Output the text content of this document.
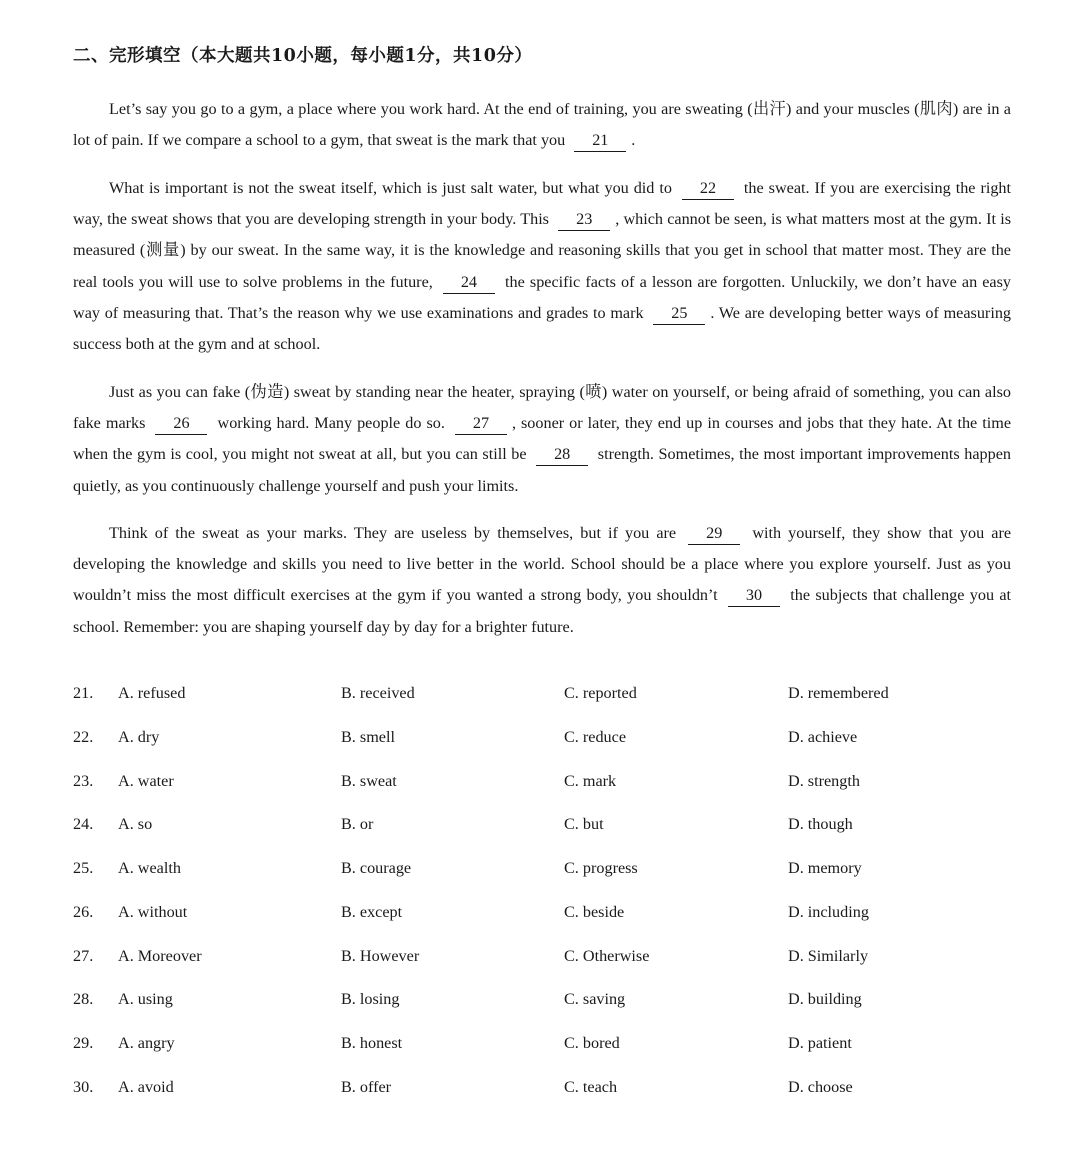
二、完形填空（本大题共10小题，每小题1分，共10分）

Let’s say you go to a gym, a place where you work hard. At the end of training, you are sweating (出汗) and your muscles (肌肉) are in a lot of pain. If we compare a school to a gym, that sweat is the mark that you 21 .

What is important is not the sweat itself, which is just salt water, but what you did to 22 the sweat. If you are exercising the right way, the sweat shows that you are developing strength in your body. This 23 , which cannot be seen, is what matters most at the gym. It is measured (测量) by our sweat. In the same way, it is the knowledge and reasoning skills that you get in school that matter most. They are the real tools you will use to solve problems in the future, 24 the specific facts of a lesson are forgotten. Unluckily, we don’t have an easy way of measuring that. That’s the reason why we use examinations and grades to mark 25 . We are developing better ways of measuring success both at the gym and at school.

Just as you can fake (伪造) sweat by standing near the heater, spraying (喷) water on yourself, or being afraid of something, you can also fake marks 26 working hard. Many people do so. 27 , sooner or later, they end up in courses and jobs that they hate. At the time when the gym is cool, you might not sweat at all, but you can still be 28 strength. Sometimes, the most important improvements happen quietly, as you continuously challenge yourself and push your limits.

Think of the sweat as your marks. They are useless by themselves, but if you are 29 with yourself, they show that you are developing the knowledge and skills you need to live better in the world. School should be a place where you explore yourself. Just as you wouldn’t miss the most difficult exercises at the gym if you wanted a strong body, you shouldn’t 30 the subjects that challenge you at school. Remember: you are shaping yourself day by day for a brighter future.

21. A. refused	B. received	C. reported	D. remembered
22. A. dry	B. smell	C. reduce	D. achieve
23. A. water	B. sweat	C. mark	D. strength
24. A. so	B. or	C. but	D. though
25. A. wealth	B. courage	C. progress	D. memory
26. A. without	B. except	C. beside	D. including
27. A. Moreover	B. However	C. Otherwise	D. Similarly
28. A. using	B. losing	C. saving	D. building
29. A. angry	B. honest	C. bored	D. patient
30. A. avoid	B. offer	C. teach	D. choose
